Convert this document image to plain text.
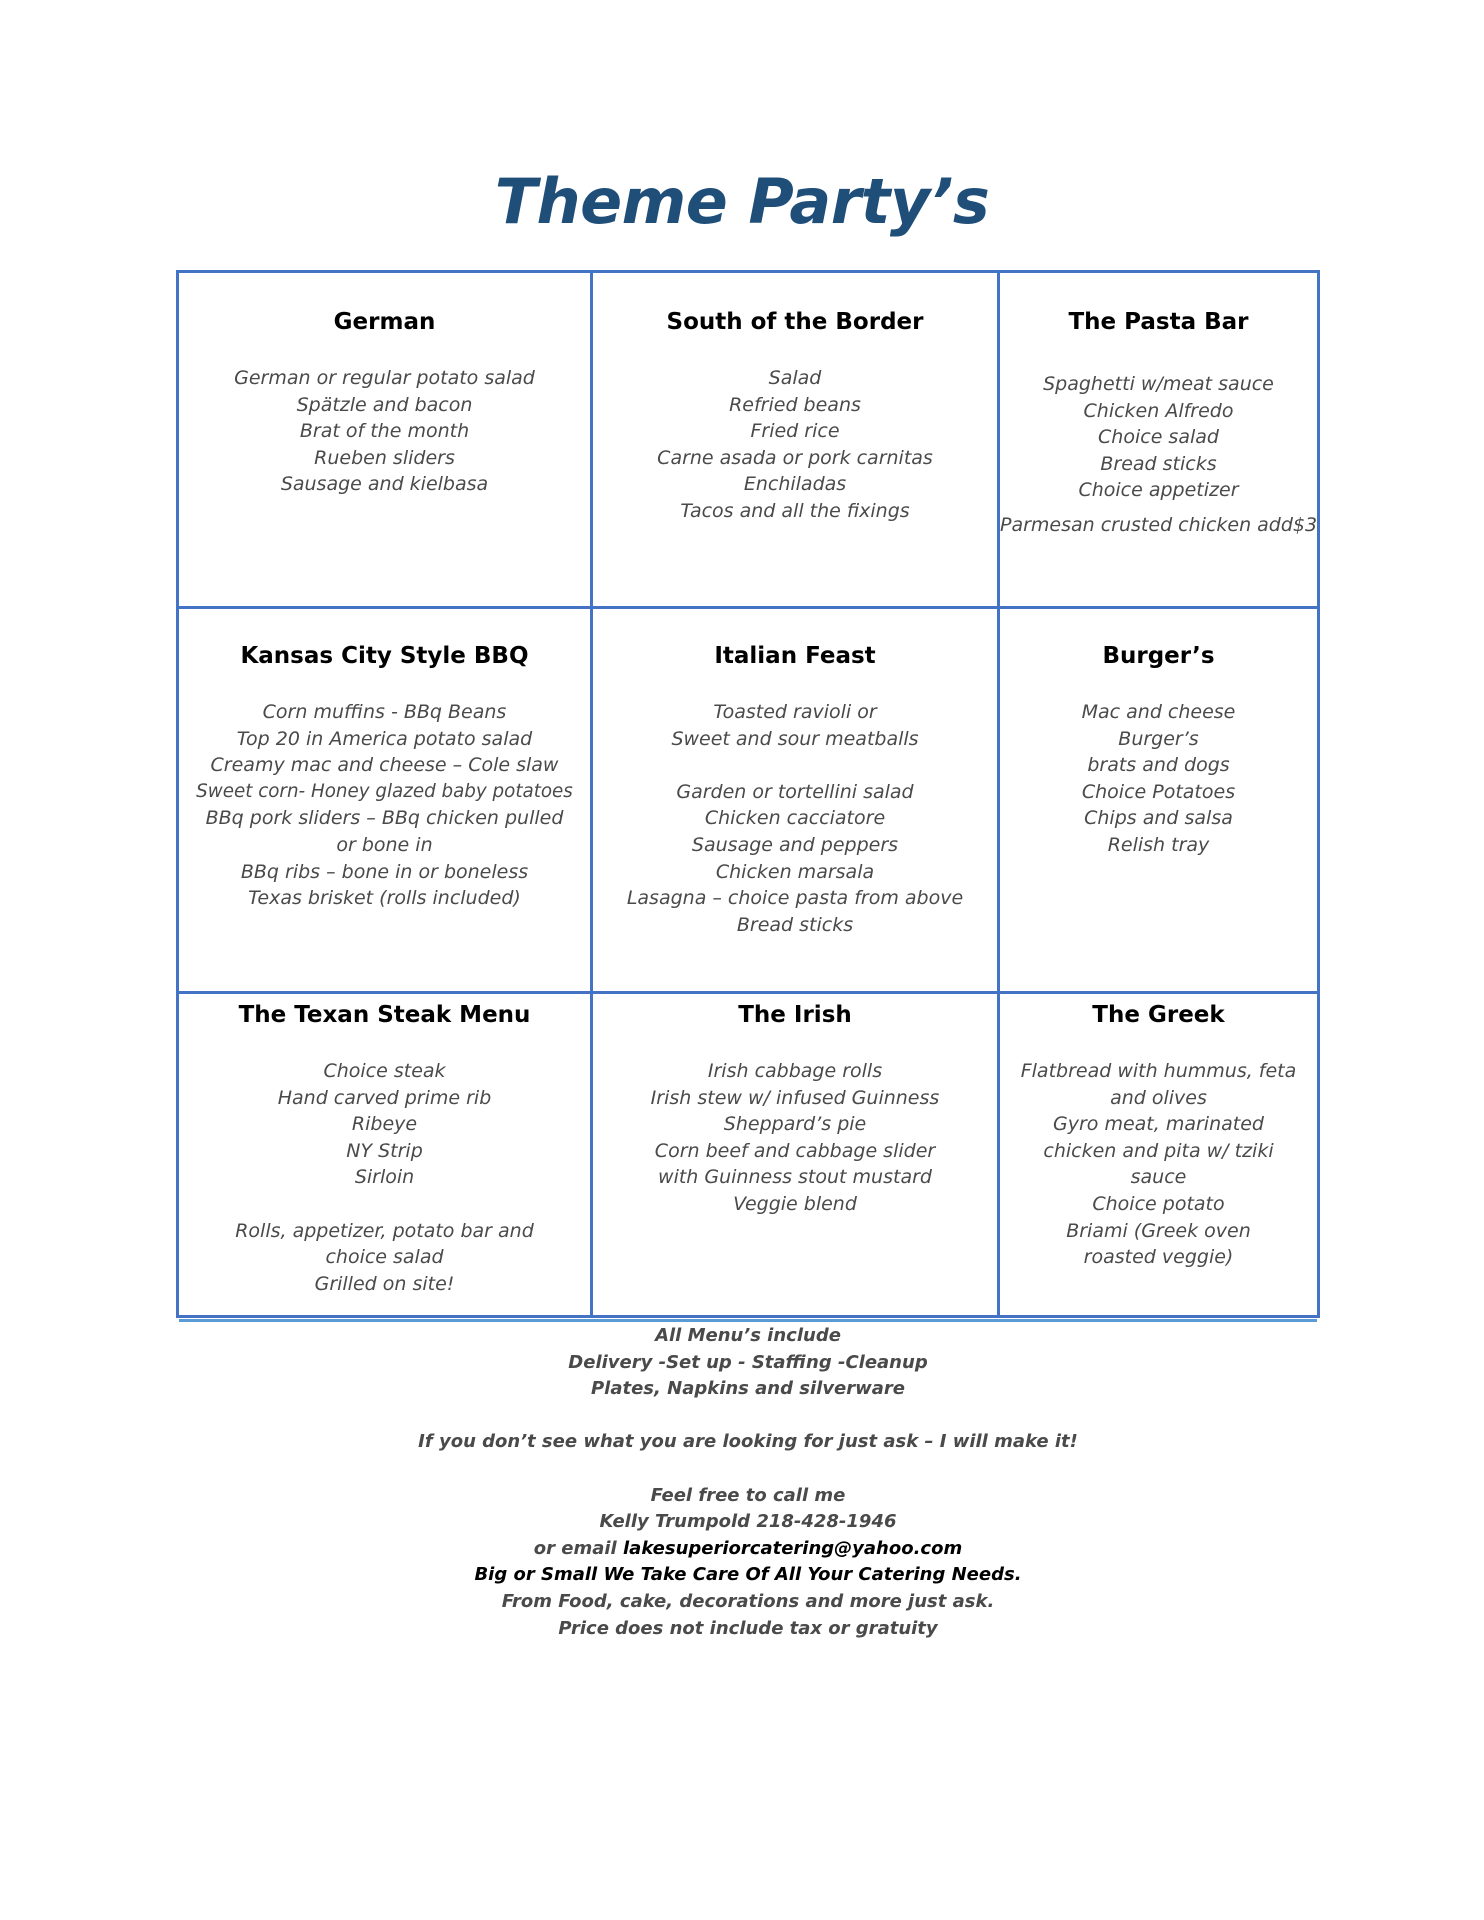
Theme Party’s
German
German or regular potato salad
Spätzle and bacon
Brat of the month
Rueben sliders
Sausage and kielbasa
South of the Border
Salad
Refried beans
Fried rice
Carne asada or pork carnitas
Enchiladas
Tacos and all the fixings
The Pasta Bar
Spaghetti w/meat sauce
Chicken Alfredo
Choice salad
Bread sticks
Choice appetizer
Parmesan crusted chicken add$3
Kansas City Style BBQ
Corn muffins - BBq Beans
Top 20 in America potato salad
Creamy mac and cheese – Cole slaw
Sweet corn- Honey glazed baby potatoes
BBq pork sliders – BBq chicken pulled or bone in
BBq ribs – bone in or boneless
Texas brisket (rolls included)
Italian Feast
Toasted ravioli or
Sweet and sour meatballs
Garden or tortellini salad
Chicken cacciatore
Sausage and peppers
Chicken marsala
Lasagna – choice pasta from above
Bread sticks
Burger’s
Mac and cheese
Burger’s
brats and dogs
Choice Potatoes
Chips and salsa
Relish tray
The Texan Steak Menu
Choice steak
Hand carved prime rib
Ribeye
NY Strip
Sirloin
Rolls, appetizer, potato bar and choice salad
Grilled on site!
The Irish
Irish cabbage rolls
Irish stew w/ infused Guinness
Sheppard’s pie
Corn beef and cabbage slider with Guinness stout mustard
Veggie blend
The Greek
Flatbread with hummus, feta and olives
Gyro meat, marinated chicken and pita w/ tziki sauce
Choice potato
Briami (Greek oven roasted veggie)
All Menu’s include
Delivery -Set up - Staffing -Cleanup
Plates, Napkins and silverware
If you don’t see what you are looking for just ask – I will make it!
Feel free to call me
Kelly Trumpold 218-428-1946
or email lakesuperiorcatering@yahoo.com
Big or Small We Take Care Of All Your Catering Needs.
From Food, cake, decorations and more just ask.
Price does not include tax or gratuity
